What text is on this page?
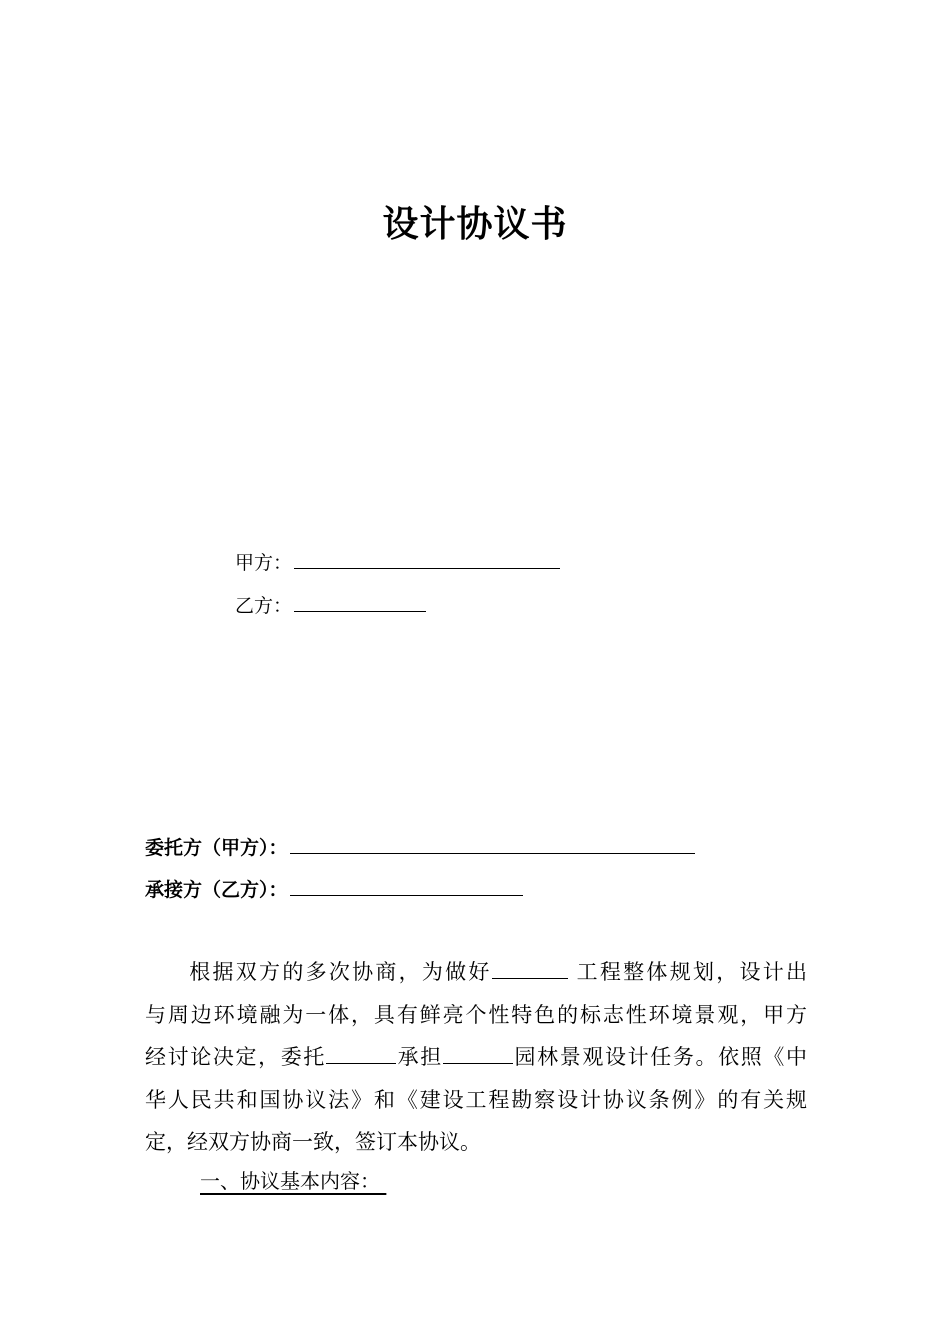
设计协议书
甲方：
乙方：
委托方（甲方）：
承接方（乙方）：
根据双方的多次协商，为做好	工程整体规划，设计出
与周边环境融为一体，具有鲜亮个性特色的标志性环境景观，甲方
经讨论决定，委托	承担	园林景观设计任务。依照《中
华人民共和国协议法》和《建设工程勘察设计协议条例》的有关规
定，经双方协商一致，签订本协议。
一、协议基本内容：
